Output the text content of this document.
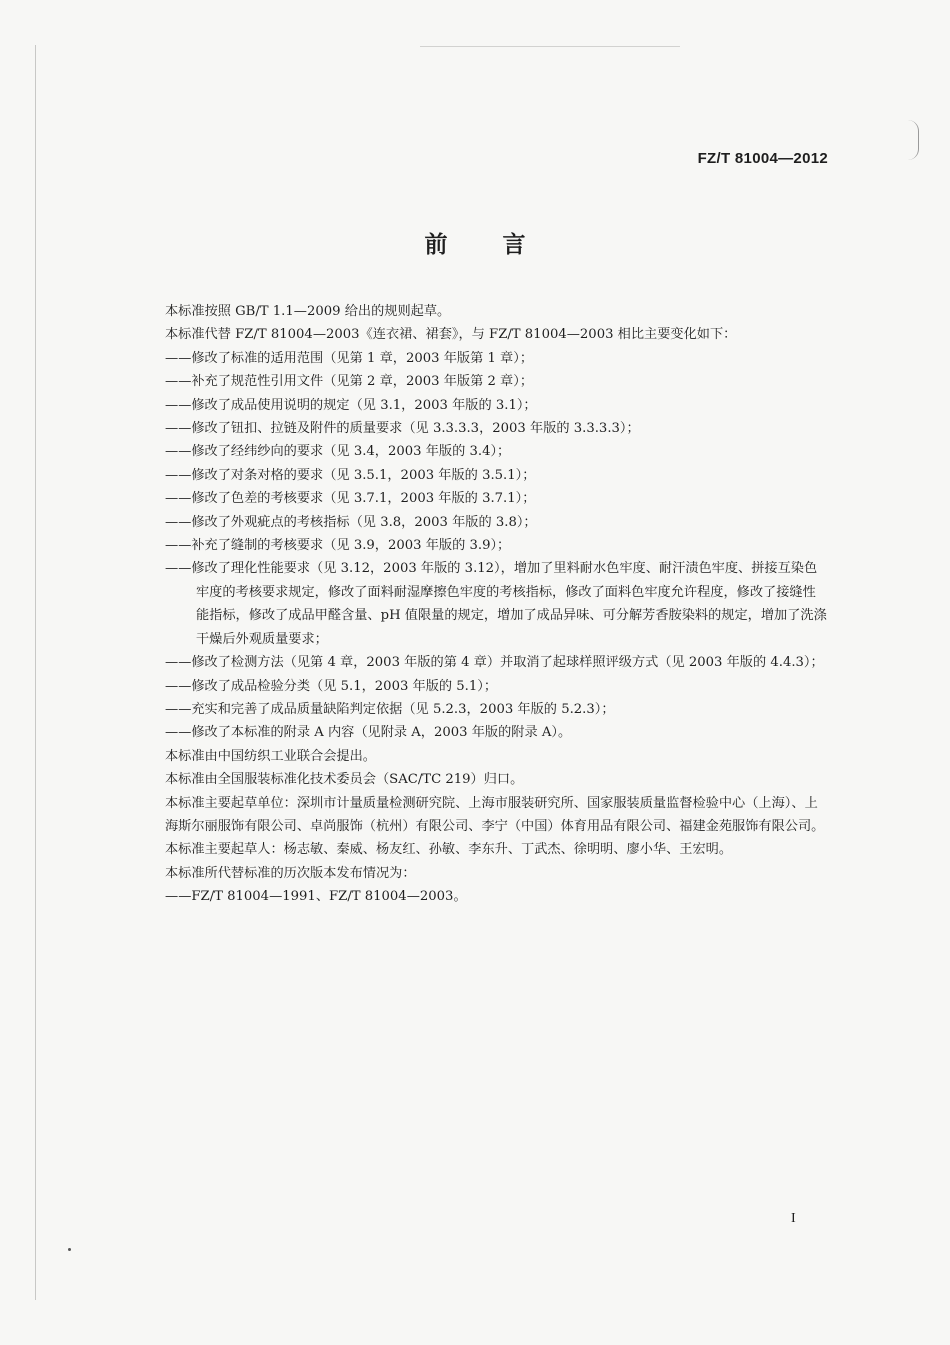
FZ/T 81004—2012
前言

本标准按照 GB/T 1.1—2009 给出的规则起草。

本标准代替 FZ/T 81004—2003《连衣裙、裙套》，与 FZ/T 81004—2003 相比主要变化如下：

——修改了标准的适用范围（见第 1 章，2003 年版第 1 章）；

——补充了规范性引用文件（见第 2 章，2003 年版第 2 章）；

——修改了成品使用说明的规定（见 3.1，2003 年版的 3.1）；

——修改了钮扣、拉链及附件的质量要求（见 3.3.3.3，2003 年版的 3.3.3.3）；

——修改了经纬纱向的要求（见 3.4，2003 年版的 3.4）；

——修改了对条对格的要求（见 3.5.1，2003 年版的 3.5.1）；

——修改了色差的考核要求（见 3.7.1，2003 年版的 3.7.1）；

——修改了外观疵点的考核指标（见 3.8，2003 年版的 3.8）；

——补充了缝制的考核要求（见 3.9，2003 年版的 3.9）；

——修改了理化性能要求（见 3.12，2003 年版的 3.12），增加了里料耐水色牢度、耐汗渍色牢度、拼接互染色牢度的考核要求规定，修改了面料耐湿摩擦色牢度的考核指标，修改了面料色牢度允许程度，修改了接缝性能指标，修改了成品甲醛含量、pH 值限量的规定，增加了成品异味、可分解芳香胺染料的规定，增加了洗涤干燥后外观质量要求；

——修改了检测方法（见第 4 章，2003 年版的第 4 章）并取消了起球样照评级方式（见 2003 年版的 4.4.3）；

——修改了成品检验分类（见 5.1，2003 年版的 5.1）；

——充实和完善了成品质量缺陷判定依据（见 5.2.3，2003 年版的 5.2.3）；

——修改了本标准的附录 A 内容（见附录 A，2003 年版的附录 A）。

本标准由中国纺织工业联合会提出。

本标准由全国服装标准化技术委员会（SAC/TC 219）归口。

本标准主要起草单位：深圳市计量质量检测研究院、上海市服装研究所、国家服装质量监督检验中心（上海）、上海斯尔丽服饰有限公司、卓尚服饰（杭州）有限公司、李宁（中国）体育用品有限公司、福建金苑服饰有限公司。

本标准主要起草人：杨志敏、秦威、杨友红、孙敏、李东升、丁武杰、徐明明、廖小华、王宏明。

本标准所代替标准的历次版本发布情况为：

——FZ/T 81004—1991、FZ/T 81004—2003。

I
